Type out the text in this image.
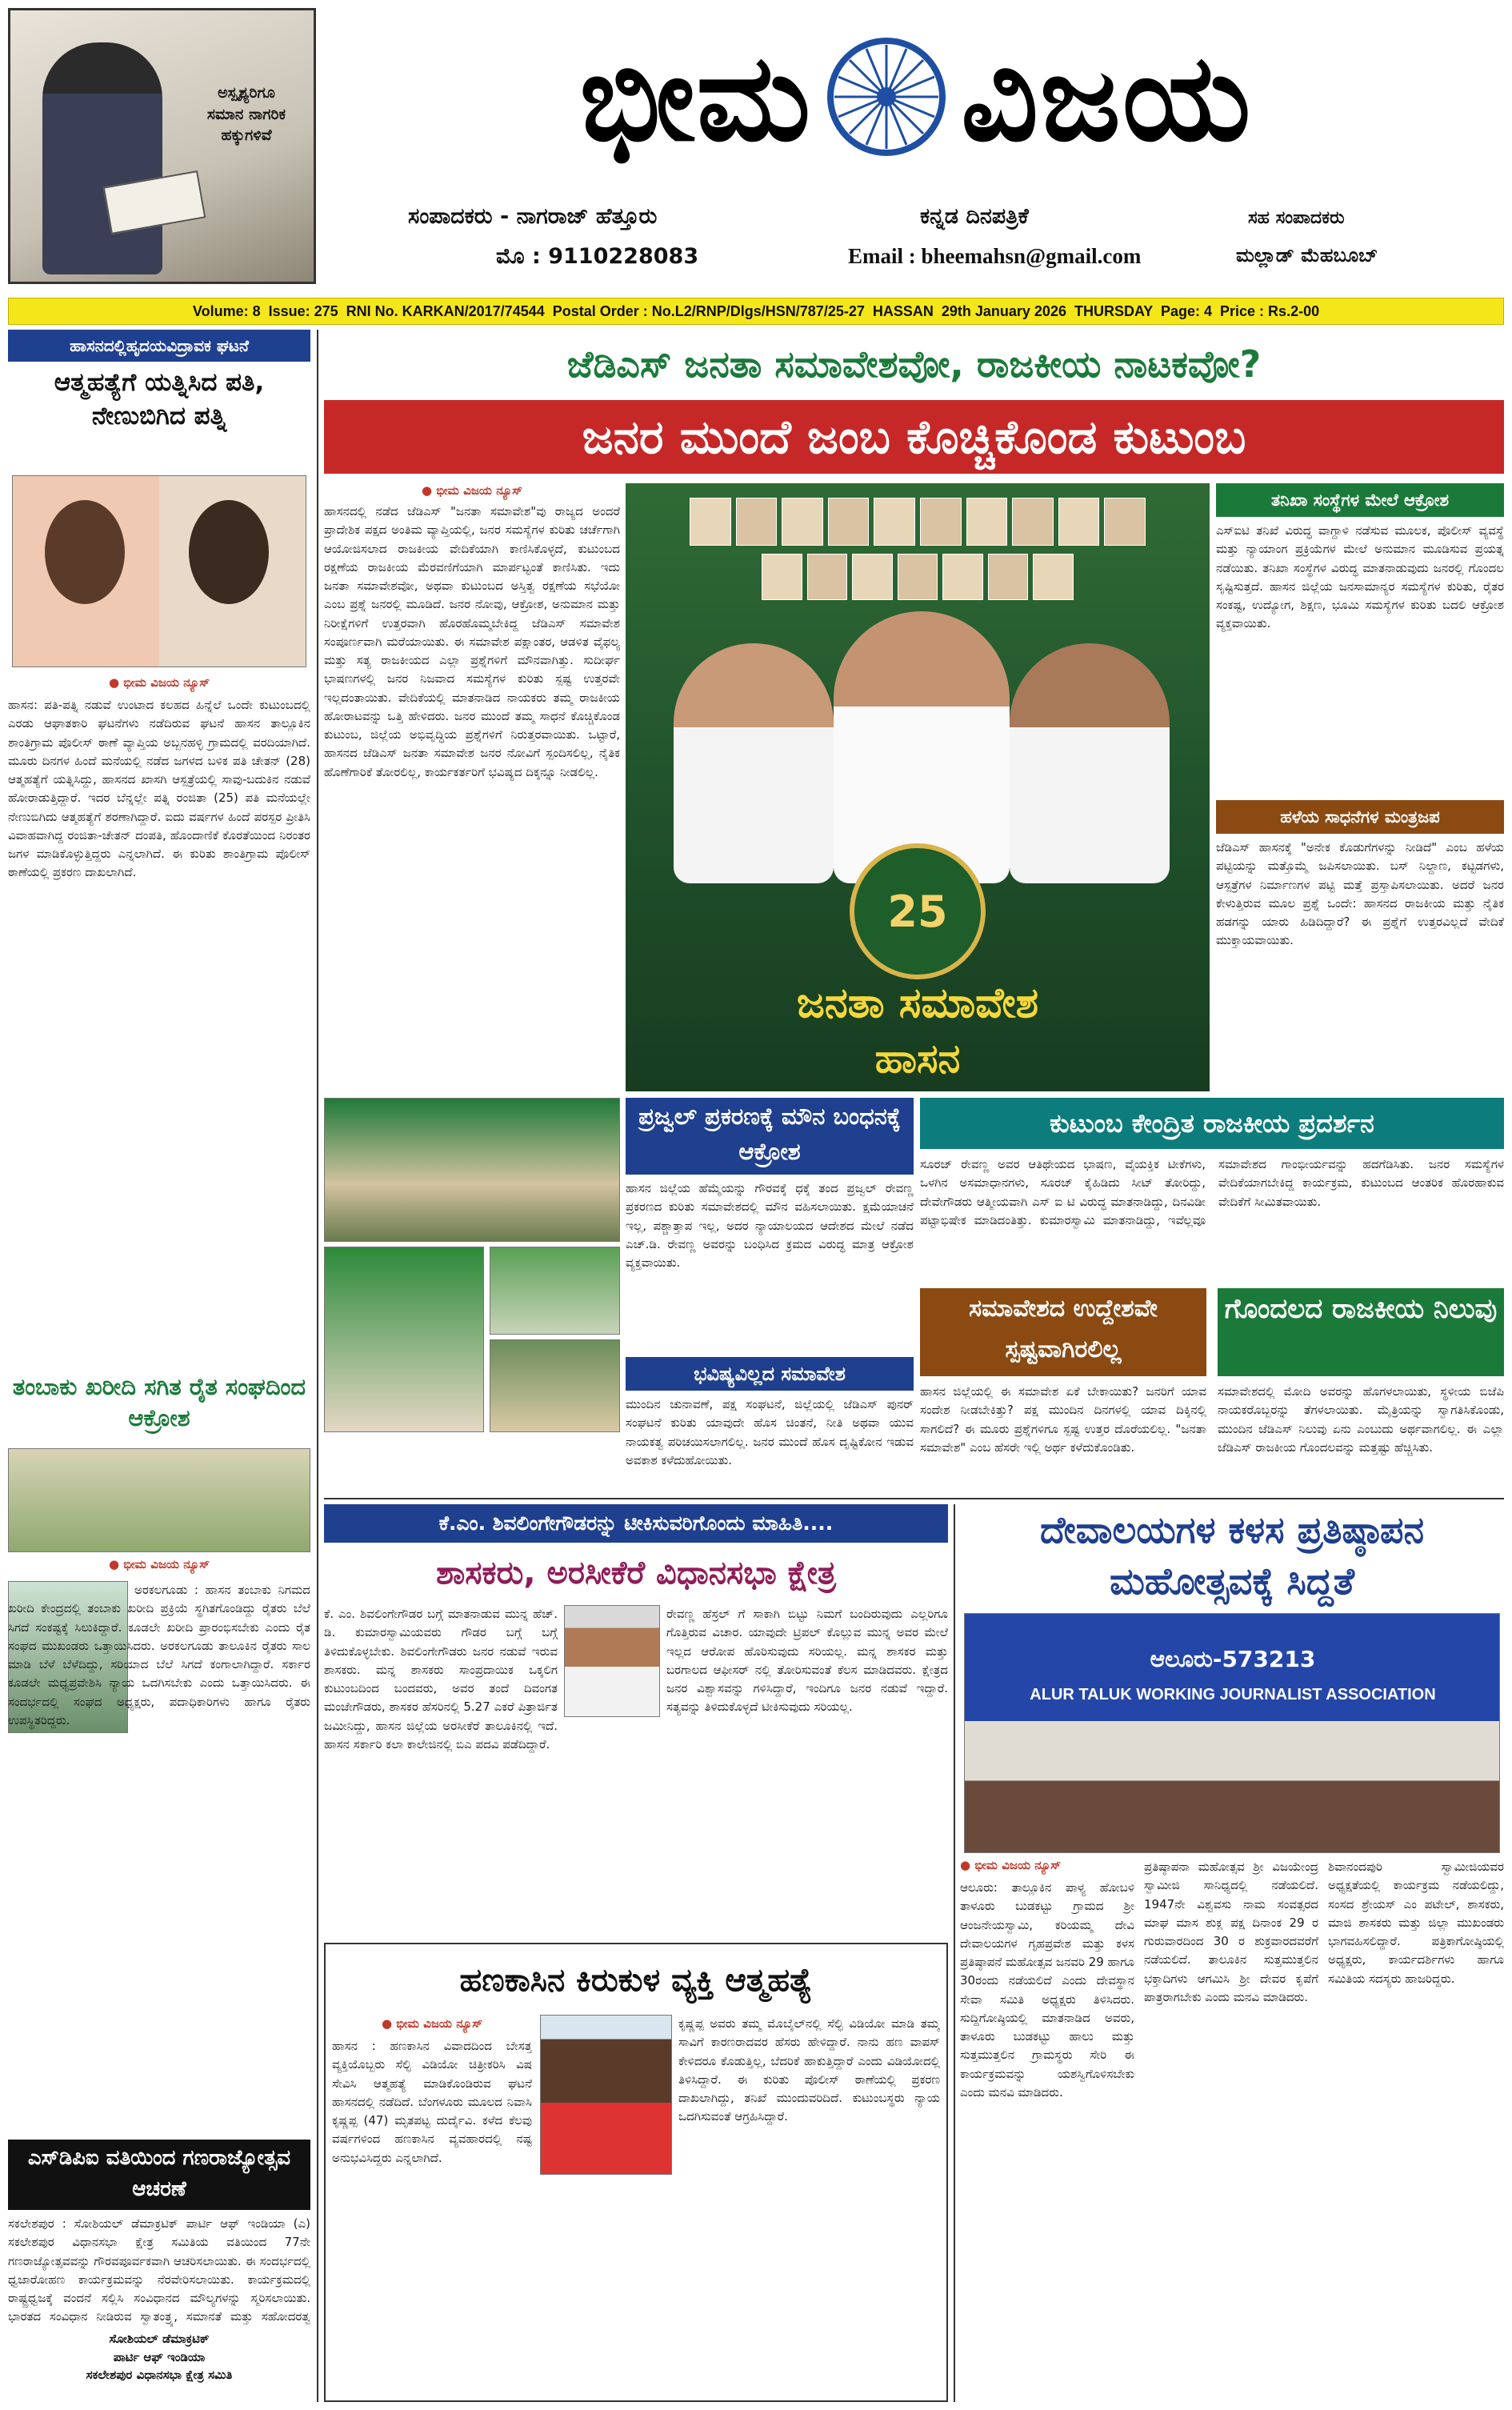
ಅಸ್ಪೃಶ್ಯರಿಗೂ
ಸಮಾನ ನಾಗರಿಕ
ಹಕ್ಕುಗಳಿವೆ	ಭೀಮ ವಿಜಯ
ಸಂಪಾದಕರು - ನಾಗರಾಜ್ ಹೆತ್ತೂರು
ಮೊ : 9110228083
ಕನ್ನಡ ದಿನಪತ್ರಿಕೆ
Email : bheemahsn@gmail.com
ಸಹ ಸಂಪಾದಕರು
ಮಲ್ಲಾಡ್ ಮೆಹಬೂಬ್
Volume: 8  Issue: 275  RNI No. KARKAN/2017/74544  Postal Order : No.L2/RNP/Dlgs/HSN/787/25-27  HASSAN  29th January 2026  THURSDAY  Page: 4  Price : Rs.2-00
ಹಾಸನದಲ್ಲಿಹೃದಯವಿದ್ರಾವಕ ಘಟನೆ
ಆತ್ಮಹತ್ಯೆಗೆ ಯತ್ನಿಸಿದ ಪತಿ, ನೇಣುಬಿಗಿದ ಪತ್ನಿ
● ಭೀಮ ವಿಜಯ ನ್ಯೂಸ್
ಹಾಸನ: ಪತಿ-ಪತ್ನಿ ನಡುವೆ ಉಂಟಾದ ಕಲಹದ ಹಿನ್ನೆಲೆ ಒಂದೇ ಕುಟುಂಬದಲ್ಲಿ ಎರಡು ಆಘಾತಕಾರಿ ಘಟನೆಗಳು ನಡೆದಿರುವ ಘಟನೆ ಹಾಸನ ತಾಲ್ಲೂಕಿನ ಶಾಂತಿಗ್ರಾಮ ಪೊಲೀಸ್ ಠಾಣೆ ವ್ಯಾಪ್ತಿಯ ಅಬ್ಬನಹಳ್ಳಿ ಗ್ರಾಮದಲ್ಲಿ ವರದಿಯಾಗಿದೆ. ಮೂರು ದಿನಗಳ ಹಿಂದೆ ಮನೆಯಲ್ಲಿ ನಡೆದ ಜಗಳದ ಬಳಿಕ ಪತಿ ಚೇತನ್ (28) ಆತ್ಮಹತ್ಯೆಗೆ ಯತ್ನಿಸಿದ್ದು, ಹಾಸನದ ಖಾಸಗಿ ಆಸ್ಪತ್ರೆಯಲ್ಲಿ ಸಾವು-ಬದುಕಿನ ನಡುವೆ ಹೋರಾಡುತ್ತಿದ್ದಾರೆ. ಇದರ ಬೆನ್ನಲ್ಲೇ ಪತ್ನಿ ರಂಜಿತಾ (25) ಪತಿ ಮನೆಯಲ್ಲೇ ನೇಣುಬಿಗಿದು ಆತ್ಮಹತ್ಯೆಗೆ ಶರಣಾಗಿದ್ದಾರೆ. ಐದು ವರ್ಷಗಳ ಹಿಂದೆ ಪರಸ್ಪರ ಪ್ರೀತಿಸಿ ವಿವಾಹವಾಗಿದ್ದ ರಂಜಿತಾ-ಚೇತನ್ ದಂಪತಿ, ಹೊಂದಾಣಿಕೆ ಕೊರತೆಯಿಂದ ನಿರಂತರ ಜಗಳ ಮಾಡಿಕೊಳ್ಳುತ್ತಿದ್ದರು ಎನ್ನಲಾಗಿದೆ. ಈ ಕುರಿತು ಶಾಂತಿಗ್ರಾಮ ಪೊಲೀಸ್ ಠಾಣೆಯಲ್ಲಿ ಪ್ರಕರಣ ದಾಖಲಾಗಿದೆ.
ತಂಬಾಕು ಖರೀದಿ ಸಗಿತ ರೈತ ಸಂಘದಿಂದ ಆಕ್ರೋಶ
● ಭೀಮ ವಿಜಯ ನ್ಯೂಸ್
ಅರಕಲಗೂಡು : ಹಾಸನ ತಂಬಾಕು ನಿಗಮದ ಖರೀದಿ ಕೇಂದ್ರದಲ್ಲಿ ತಂಬಾಕು ಖರೀದಿ ಪ್ರಕ್ರಿಯೆ ಸ್ಥಗಿತಗೊಂಡಿದ್ದು ರೈತರು ಬೆಲೆ ಸಿಗದೆ ಸಂಕಷ್ಟಕ್ಕೆ ಸಿಲುಕಿದ್ದಾರೆ. ಕೂಡಲೇ ಖರೀದಿ ಪ್ರಾರಂಭಿಸಬೇಕು ಎಂದು ರೈತ ಸಂಘದ ಮುಖಂಡರು ಒತ್ತಾಯಿಸಿದರು. ಅರಕಲಗೂಡು ತಾಲೂಕಿನ ರೈತರು ಸಾಲ ಮಾಡಿ ಬೆಳೆ ಬೆಳೆದಿದ್ದು, ಸರಿಯಾದ ಬೆಲೆ ಸಿಗದೆ ಕಂಗಾಲಾಗಿದ್ದಾರೆ. ಸರ್ಕಾರ ಕೂಡಲೇ ಮಧ್ಯಪ್ರವೇಶಿಸಿ ನ್ಯಾಯ ಒದಗಿಸಬೇಕು ಎಂದು ಒತ್ತಾಯಿಸಿದರು. ಈ ಸಂದರ್ಭದಲ್ಲಿ ಸಂಘದ ಅಧ್ಯಕ್ಷರು, ಪದಾಧಿಕಾರಿಗಳು ಹಾಗೂ ರೈತರು ಉಪಸ್ಥಿತರಿದ್ದರು.
ಎಸ್‌ಡಿಪಿಐ ವತಿಯಿಂದ ಗಣರಾಜ್ಯೋತ್ಸವ ಆಚರಣೆ
ಸಕಲೇಶಪುರ : ಸೋಶಿಯಲ್ ಡೆಮಾಕ್ರಟಿಕ್ ಪಾರ್ಟಿ ಆಫ್ ಇಂಡಿಯಾ (ಎ) ಸಕಲೇಶಪುರ ವಿಧಾನಸಭಾ ಕ್ಷೇತ್ರ ಸಮಿತಿಯ ವತಿಯಿಂದ 77ನೇ ಗಣರಾಜ್ಯೋತ್ಸವವನ್ನು ಗೌರವಪೂರ್ವಕವಾಗಿ ಆಚರಿಸಲಾಯಿತು. ಈ ಸಂದರ್ಭದಲ್ಲಿ ಧ್ವಜಾರೋಹಣ ಕಾರ್ಯಕ್ರಮವನ್ನು ನೆರವೇರಿಸಲಾಯಿತು. ಕಾರ್ಯಕ್ರಮದಲ್ಲಿ ರಾಷ್ಟ್ರಧ್ವಜಕ್ಕೆ ವಂದನೆ ಸಲ್ಲಿಸಿ ಸಂವಿಧಾನದ ಮೌಲ್ಯಗಳನ್ನು ಸ್ಮರಿಸಲಾಯಿತು. ಭಾರತದ ಸಂವಿಧಾನ ನೀಡಿರುವ ಸ್ವಾತಂತ್ರ್ಯ, ಸಮಾನತೆ ಮತ್ತು ಸಹೋದರತ್ವ
ಸೋಶಿಯಲ್ ಡೆಮಾಕ್ರಟಿಕ್
ಪಾರ್ಟಿ ಆಫ್ ಇಂಡಿಯಾ
ಸಕಲೇಶಪುರ ವಿಧಾನಸಭಾ ಕ್ಷೇತ್ರ ಸಮಿತಿ
ಜೆಡಿಎಸ್ ಜನತಾ ಸಮಾವೇಶವೋ, ರಾಜಕೀಯ ನಾಟಕವೋ?
ಜನರ ಮುಂದೆ ಜಂಬ ಕೊಚ್ಚಿಕೊಂಡ ಕುಟುಂಬ
● ಭೀಮ ವಿಜಯ ನ್ಯೂಸ್
ಹಾಸನದಲ್ಲಿ ನಡೆದ ಜೆಡಿಎಸ್ "ಜನತಾ ಸಮಾವೇಶ"ವು ರಾಜ್ಯದ ಅಂದರೆ ಪ್ರಾದೇಶಿಕ ಪಕ್ಷದ ಅಂತಿಮ ವ್ಯಾಪ್ತಿಯಲ್ಲಿ, ಜನರ ಸಮಸ್ಯೆಗಳ ಕುರಿತು ಚರ್ಚೆಗಾಗಿ ಆಯೋಜಿಸಲಾದ ರಾಜಕೀಯ ವೇದಿಕೆಯಾಗಿ ಕಾಣಿಸಿಕೊಳ್ಳದೆ, ಕುಟುಂಬದ ರಕ್ಷಣೆಯ ರಾಜಕೀಯ ಮೆರವಣಿಗೆಯಾಗಿ ಮಾರ್ಪಟ್ಟಂತೆ ಕಾಣಿಸಿತು. ಇದು ಜನತಾ ಸಮಾವೇಶವೋ, ಅಥವಾ ಕುಟುಂಬದ ಅಸ್ತಿತ್ವ ರಕ್ಷಣೆಯ ಸಭೆಯೋ ಎಂಬ ಪ್ರಶ್ನೆ ಜನರಲ್ಲಿ ಮೂಡಿದೆ. ಜನರ ನೋವು, ಆಕ್ರೋಶ, ಅನುಮಾನ ಮತ್ತು ನಿರೀಕ್ಷೆಗಳಿಗೆ ಉತ್ತರವಾಗಿ ಹೊರಹೊಮ್ಮಬೇಕಿದ್ದ ಜೆಡಿಎಸ್ ಸಮಾವೇಶ ಸಂಪೂರ್ಣವಾಗಿ ಮರೆಯಾಯಿತು. ಈ ಸಮಾವೇಶ ಪಕ್ಷಾಂತರ, ಆಡಳಿತ ವೈಫಲ್ಯ ಮತ್ತು ಸತ್ಯ ರಾಜಕೀಯದ ಎಲ್ಲಾ ಪ್ರಶ್ನೆಗಳಿಗೆ ಮೌನವಾಗಿತ್ತು. ಸುದೀರ್ಘ ಭಾಷಣಗಳಲ್ಲಿ ಜನರ ನಿಜವಾದ ಸಮಸ್ಯೆಗಳ ಕುರಿತು ಸ್ಪಷ್ಟ ಉತ್ತರವೇ ಇಲ್ಲದಂತಾಯಿತು. ವೇದಿಕೆಯಲ್ಲಿ ಮಾತನಾಡಿದ ನಾಯಕರು ತಮ್ಮ ರಾಜಕೀಯ ಹೋರಾಟವನ್ನು ಒತ್ತಿ ಹೇಳಿದರು. ಜನರ ಮುಂದೆ ತಮ್ಮ ಸಾಧನೆ ಕೊಚ್ಚಿಕೊಂಡ ಕುಟುಂಬ, ಜಿಲ್ಲೆಯ ಅಭಿವೃದ್ಧಿಯ ಪ್ರಶ್ನೆಗಳಿಗೆ ನಿರುತ್ತರವಾಯಿತು. ಒಟ್ಟಾರೆ, ಹಾಸನದ ಜೆಡಿಎಸ್ ಜನತಾ ಸಮಾವೇಶ ಜನರ ನೋವಿಗೆ ಸ್ಪಂದಿಸಲಿಲ್ಲ, ನೈತಿಕ ಹೊಣೆಗಾರಿಕೆ ತೋರಲಿಲ್ಲ, ಕಾರ್ಯಕರ್ತರಿಗೆ ಭವಿಷ್ಯದ ದಿಕ್ಕನ್ನೂ ನೀಡಲಿಲ್ಲ.
25
ಜನತಾ ಸಮಾವೇಶ
ಹಾಸನ
ತನಿಖಾ ಸಂಸ್ಥೆಗಳ ಮೇಲೆ ಆಕ್ರೋಶ
ಎಸ್‌ಐಟಿ ತನಿಖೆ ವಿರುದ್ಧ ವಾಗ್ದಾಳಿ ನಡೆಸುವ ಮೂಲಕ, ಪೊಲೀಸ್ ವ್ಯವಸ್ಥೆ ಮತ್ತು ನ್ಯಾಯಾಂಗ ಪ್ರಕ್ರಿಯೆಗಳ ಮೇಲೆ ಅನುಮಾನ ಮೂಡಿಸುವ ಪ್ರಯತ್ನ ನಡೆಯಿತು. ತನಿಖಾ ಸಂಸ್ಥೆಗಳ ವಿರುದ್ಧ ಮಾತನಾಡುವುದು ಜನರಲ್ಲಿ ಗೊಂದಲ ಸೃಷ್ಟಿಸುತ್ತದೆ. ಹಾಸನ ಜಿಲ್ಲೆಯ ಜನಸಾಮಾನ್ಯರ ಸಮಸ್ಯೆಗಳ ಕುರಿತು, ರೈತರ ಸಂಕಷ್ಟ, ಉದ್ಯೋಗ, ಶಿಕ್ಷಣ, ಭೂಮಿ ಸಮಸ್ಯೆಗಳ ಕುರಿತು ಬದಲಿ ಆಕ್ರೋಶ ವ್ಯಕ್ತವಾಯಿತು.
ಹಳೆಯ ಸಾಧನೆಗಳ ಮಂತ್ರಜಪ
ಜೆಡಿಎಸ್ ಹಾಸನಕ್ಕೆ "ಅನೇಕ ಕೊಡುಗೆಗಳನ್ನು ನೀಡಿದೆ" ಎಂಬ ಹಳೆಯ ಪಟ್ಟಿಯನ್ನು ಮತ್ತೊಮ್ಮೆ ಜಪಿಸಲಾಯಿತು. ಬಸ್ ನಿಲ್ದಾಣ, ಕಟ್ಟಡಗಳು, ಆಸ್ಪತ್ರೆಗಳ ನಿರ್ಮಾಣಗಳ ಪಟ್ಟಿ ಮತ್ತೆ ಪ್ರಸ್ತಾಪಿಸಲಾಯಿತು. ಅದರೆ ಜನರ ಕೇಳುತ್ತಿರುವ ಮೂಲ ಪ್ರಶ್ನೆ ಒಂದೇ: ಹಾಸನದ ರಾಜಕೀಯ ಮತ್ತು ನೈತಿಕ ಹಡಗನ್ನು ಯಾರು ಹಿಡಿದಿದ್ದಾರೆ? ಈ ಪ್ರಶ್ನೆಗೆ ಉತ್ತರವಿಲ್ಲದೆ ವೇದಿಕೆ ಮುಕ್ತಾಯವಾಯಿತು.
ಪ್ರಜ್ವಲ್ ಪ್ರಕರಣಕ್ಕೆ ಮೌನ ಬಂಧನಕ್ಕೆ ಆಕ್ರೋಶ
ಹಾಸನ ಜಿಲ್ಲೆಯ ಹೆಮ್ಮೆಯನ್ನು ಗೌರವಕ್ಕೆ ಧಕ್ಕೆ ತಂದ ಪ್ರಜ್ವಲ್ ರೇವಣ್ಣ ಪ್ರಕರಣದ ಕುರಿತು ಸಮಾವೇಶದಲ್ಲಿ ಮೌನ ವಹಿಸಲಾಯಿತು. ಕ್ಷಮೆಯಾಚನೆ ಇಲ್ಲ, ಪಶ್ಚಾತ್ತಾಪ ಇಲ್ಲ, ಅದರ ನ್ಯಾಯಾಲಯದ ಆದೇಶದ ಮೇಲೆ ನಡೆದ ಎಚ್.ಡಿ. ರೇವಣ್ಣ ಅವರನ್ನು ಬಂಧಿಸಿದ ಕ್ರಮದ ವಿರುದ್ಧ ಮಾತ್ರ ಆಕ್ರೋಶ ವ್ಯಕ್ತವಾಯಿತು.
ಭವಿಷ್ಯವಿಲ್ಲದ ಸಮಾವೇಶ
ಮುಂದಿನ ಚುನಾವಣೆ, ಪಕ್ಷ ಸಂಘಟನೆ, ಜಿಲ್ಲೆಯಲ್ಲಿ ಜೆಡಿಎಸ್ ಪುನರ್ ಸಂಘಟನೆ ಕುರಿತು ಯಾವುದೇ ಹೊಸ ಚಿಂತನೆ, ನೀತಿ ಅಥವಾ ಯುವ ನಾಯಕತ್ವ ಪರಿಚಯಿಸಲಾಗಲಿಲ್ಲ. ಜನರ ಮುಂದೆ ಹೊಸ ದೃಷ್ಟಿಕೋನ ಇಡುವ ಅವಕಾಶ ಕಳೆದುಹೋಯಿತು.
ಕುಟುಂಬ ಕೇಂದ್ರಿತ ರಾಜಕೀಯ ಪ್ರದರ್ಶನ
ಸೂರಜ್ ರೇವಣ್ಣ ಅವರ ಆತಿಥೇಯದ ಭಾಷಣ, ವೈಯಕ್ತಿಕ ಟೀಕೆಗಳು, ಒಳಗಿನ ಅಸಮಾಧಾನಗಳು, ಸೂರಜ್ ಕೈಹಿಡಿದು ಸೀಟ್ ತೋರಿದ್ದು, ದೇವೇಗೌಡರು ಆತ್ಮೀಯವಾಗಿ ಎಸ್ ಐ ಟಿ ವಿರುದ್ಧ ಮಾತನಾಡಿದ್ದು, ದಿನವಿಡೀ ಪಟ್ಟಾಭಿಷೇಕ ಮಾಡಿದಂತಿತ್ತು. ಕುಮಾರಸ್ವಾಮಿ ಮಾತನಾಡಿದ್ದು, ಇವೆಲ್ಲವೂ ಸಮಾವೇಶದ ಗಾಂಭೀರ್ಯವನ್ನು ಹದಗೆಡಿಸಿತು. ಜನರ ಸಮಸ್ಯೆಗಳ ವೇದಿಕೆಯಾಗಬೇಕಿದ್ದ ಕಾರ್ಯಕ್ರಮ, ಕುಟುಂಬದ ಆಂತರಿಕ ಹೊರಹಾಕುವ ವೇದಿಕೆಗೆ ಸೀಮಿತವಾಯಿತು.
ಸಮಾವೇಶದ ಉದ್ದೇಶವೇ ಸ್ಪಷ್ಟವಾಗಿರಲಿಲ್ಲ
ಗೊಂದಲದ ರಾಜಕೀಯ ನಿಲುವು
ಹಾಸನ ಜಿಲ್ಲೆಯಲ್ಲಿ ಈ ಸಮಾವೇಶ ಏಕೆ ಬೇಕಾಯಿತು? ಜನರಿಗೆ ಯಾವ ಸಂದೇಶ ನೀಡಬೇಕಿತ್ತು? ಪಕ್ಷ ಮುಂದಿನ ದಿನಗಳಲ್ಲಿ ಯಾವ ದಿಕ್ಕಿನಲ್ಲಿ ಸಾಗಲಿದೆ? ಈ ಮೂರು ಪ್ರಶ್ನೆಗಳಿಗೂ ಸ್ಪಷ್ಟ ಉತ್ತರ ದೊರೆಯಲಿಲ್ಲ. "ಜನತಾ ಸಮಾವೇಶ" ಎಂಬ ಹೆಸರೇ ಇಲ್ಲಿ ಅರ್ಥ ಕಳೆದುಕೊಂಡಿತು.
ಸಮಾವೇಶದಲ್ಲಿ ಮೋದಿ ಅವರನ್ನು ಹೊಗಳಲಾಯಿತು, ಸ್ಥಳೀಯ ಬಿಜೆಪಿ ನಾಯಕರೊಬ್ಬರನ್ನು ತೆಗಳಲಾಯಿತು. ಮೈತ್ರಿಯನ್ನು ಸ್ವಾಗತಿಸಿಕೊಂಡು, ಮುಂದಿನ ಜೆಡಿಎಸ್ ನಿಲುವು ಏನು ಎಂಬುದು ಅರ್ಥವಾಗಲಿಲ್ಲ. ಈ ಎಲ್ಲಾ ಜೆಡಿಎಸ್ ರಾಜಕೀಯ ಗೊಂದಲವನ್ನು ಮತ್ತಷ್ಟು ಹೆಚ್ಚಿಸಿತು.
ಕೆ.ಎಂ. ಶಿವಲಿಂಗೇಗೌಡರನ್ನು ಟೀಕಿಸುವರಿಗೊಂದು ಮಾಹಿತಿ....
ಶಾಸಕರು, ಅರಸೀಕೆರೆ ವಿಧಾನಸಭಾ ಕ್ಷೇತ್ರ
ಕೆ. ಎಂ. ಶಿವಲಿಂಗೇಗೌಡರ ಬಗ್ಗೆ ಮಾತನಾಡುವ ಮುನ್ನ ಹೆಚ್. ಡಿ. ಕುಮಾರಸ್ವಾಮಿಯವರು ಗೌಡರ ಬಗ್ಗೆ ಬಗ್ಗೆ ತಿಳಿದುಕೊಳ್ಳಬೇಕು. ಶಿವಲಿಂಗೇಗೌಡರು ಜನರ ನಡುವೆ ಇರುವ ಶಾಸಕರು. ಮನ್ನ ಶಾಸಕರು ಸಾಂಪ್ರದಾಯಿಕ ಒಕ್ಕಲಿಗ ಕುಟುಂಬದಿಂದ ಬಂದವರು, ಅವರ ತಂದೆ ದಿವಂಗತ ಮಂಜೇಗೌಡರು, ಶಾಸಕರ ಹೆಸರಿನಲ್ಲಿ 5.27 ಎಕರೆ ಪಿತ್ರಾರ್ಜಿತ ಜಮೀನಿದ್ದು, ಹಾಸನ ಜಿಲ್ಲೆಯ ಅರಸೀಕೆರೆ ತಾಲೂಕಿನಲ್ಲಿ ಇದೆ. ಹಾಸನ ಸರ್ಕಾರಿ ಕಲಾ ಕಾಲೇಜಿನಲ್ಲಿ ಬಿಎ ಪದವಿ ಪಡೆದಿದ್ದಾರೆ.
ರೇವಣ್ಣ ಹೆಸ್ರಲ್ ಗೆ ಸಾಕಾಗಿ ಬಿಟ್ಟು ನಿಮಗೆ ಬಂದಿರುವುದು ಎಲ್ಲರಿಗೂ ಗೊತ್ತಿರುವ ವಿಚಾರ. ಯಾವುದೇ ಟ್ರಿಪಲ್ ಕೊಲ್ಲುವ ಮುನ್ನ ಅವರ ಮೇಲೆ ಇಲ್ಲದ ಆರೋಪ ಹೊರಿಸುವುದು ಸರಿಯಲ್ಲ. ಮನ್ನ ಶಾಸಕರ ಮತ್ತು ಬರಗಾಲದ ಆಫೀಸರ್ ನಲ್ಲಿ ತೋರಿಸುವಂತೆ ಕೆಲಸ ಮಾಡಿದವರು. ಕ್ಷೇತ್ರದ ಜನರ ವಿಶ್ವಾಸವನ್ನು ಗಳಿಸಿದ್ದಾರೆ, ಇಂದಿಗೂ ಜನರ ನಡುವೆ ಇದ್ದಾರೆ. ಸತ್ಯವನ್ನು ತಿಳಿದುಕೊಳ್ಳದೆ ಟೀಕಿಸುವುದು ಸರಿಯಲ್ಲ.
ದೇವಾಲಯಗಳ ಕಳಸ ಪ್ರತಿಷ್ಠಾಪನ ಮಹೋತ್ಸವಕ್ಕೆ ಸಿದ್ದತೆ
ಆಲೂರು-573213
ALUR TALUK WORKING JOURNALIST ASSOCIATION
● ಭೀಮ ವಿಜಯ ನ್ಯೂಸ್
ಆಲೂರು: ತಾಲ್ಲೂಕಿನ ಪಾಳ್ಯ ಹೋಬಳಿ ತಾಳೂರು ಬುಡಕಟ್ಟು ಗ್ರಾಮದ ಶ್ರೀ ಆಂಜನೇಯಸ್ವಾಮಿ, ಕರಿಯಮ್ಮ ದೇವಿ ದೇವಾಲಯಗಳ ಗೃಹಪ್ರವೇಶ ಮತ್ತು ಕಳಸ ಪ್ರತಿಷ್ಠಾಪನೆ ಮಹೋತ್ಸವ ಜನವರಿ 29 ಹಾಗೂ 30ರಂದು ನಡೆಯಲಿದೆ ಎಂದು ದೇವಸ್ಥಾನ ಸೇವಾ ಸಮಿತಿ ಅಧ್ಯಕ್ಷರು ತಿಳಿಸಿದರು. ಸುದ್ದಿಗೋಷ್ಠಿಯಲ್ಲಿ ಮಾತನಾಡಿದ ಅವರು, ತಾಳೂರು ಬುಡಕಟ್ಟು ಹಾಲು ಮತ್ತು ಸುತ್ತಮುತ್ತಲಿನ ಗ್ರಾಮಸ್ಥರು ಸೇರಿ ಈ ಕಾರ್ಯಕ್ರಮವನ್ನು ಯಶಸ್ವಿಗೊಳಿಸಬೇಕು ಎಂದು ಮನವಿ ಮಾಡಿದರು.
ಪ್ರತಿಷ್ಠಾಪನಾ ಮಹೋತ್ಸವ ಶ್ರೀ ವಿಜಯೇಂದ್ರ ಸ್ವಾಮೀಜಿ ಸಾನಿಧ್ಯದಲ್ಲಿ ನಡೆಯಲಿದೆ. 1947ನೇ ವಿಶ್ವವಸು ನಾಮ ಸಂವತ್ಸರದ ಮಾಘ ಮಾಸ ಶುಕ್ಲ ಪಕ್ಷ ದಿನಾಂಕ 29 ರ ಗುರುವಾರದಿಂದ 30 ರ ಶುಕ್ರವಾರದವರೆಗೆ ನಡೆಯಲಿದೆ. ತಾಲೂಕಿನ ಸುತ್ತಮುತ್ತಲಿನ ಭಕ್ತಾದಿಗಳು ಆಗಮಿಸಿ ಶ್ರೀ ದೇವರ ಕೃಪೆಗೆ ಪಾತ್ರರಾಗಬೇಕು ಎಂದು ಮನವಿ ಮಾಡಿದರು.
ಶಿವಾನಂದಪುರಿ ಸ್ವಾಮೀಜಿಯವರ ಅಧ್ಯಕ್ಷತೆಯಲ್ಲಿ ಕಾರ್ಯಕ್ರಮ ನಡೆಯಲಿದ್ದು, ಸಂಸದ ಶ್ರೇಯಸ್ ಎಂ ಪಟೇಲ್, ಶಾಸಕರು, ಮಾಜಿ ಶಾಸಕರು ಮತ್ತು ಜಿಲ್ಲಾ ಮುಖಂಡರು ಭಾಗವಹಿಸಲಿದ್ದಾರೆ. ಪತ್ರಿಕಾಗೋಷ್ಠಿಯಲ್ಲಿ ಅಧ್ಯಕ್ಷರು, ಕಾರ್ಯದರ್ಶಿಗಳು ಹಾಗೂ ಸಮಿತಿಯ ಸದಸ್ಯರು ಹಾಜರಿದ್ದರು.
ಹಣಕಾಸಿನ ಕಿರುಕುಳ ವ್ಯಕ್ತಿ ಆತ್ಮಹತ್ಯೆ
● ಭೀಮ ವಿಜಯ ನ್ಯೂಸ್
ಹಾಸನ : ಹಣಕಾಸಿನ ವಿವಾದದಿಂದ ಬೇಸತ್ತ ವ್ಯಕ್ತಿಯೊಬ್ಬರು ಸೆಲ್ಫಿ ವಿಡಿಯೋ ಚಿತ್ರೀಕರಿಸಿ ವಿಷ ಸೇವಿಸಿ ಆತ್ಮಹತ್ಯೆ ಮಾಡಿಕೊಂಡಿರುವ ಘಟನೆ ಹಾಸನದಲ್ಲಿ ನಡೆದಿದೆ. ಬೆಂಗಳೂರು ಮೂಲದ ನಿವಾಸಿ ಕೃಷ್ಣಪ್ಪ (47) ಮೃತಪಟ್ಟ ದುರ್ದೈವಿ. ಕಳೆದ ಕೆಲವು ವರ್ಷಗಳಿಂದ ಹಣಕಾಸಿನ ವ್ಯವಹಾರದಲ್ಲಿ ನಷ್ಟ ಅನುಭವಿಸಿದ್ದರು ಎನ್ನಲಾಗಿದೆ.
ಕೃಷ್ಣಪ್ಪ ಅವರು ತಮ್ಮ ಮೊಬೈಲ್‌ನಲ್ಲಿ ಸೆಲ್ಫಿ ವಿಡಿಯೋ ಮಾಡಿ ತಮ್ಮ ಸಾವಿಗೆ ಕಾರಣರಾದವರ ಹೆಸರು ಹೇಳಿದ್ದಾರೆ. ನಾನು ಹಣ ವಾಪಸ್ ಕೇಳಿದರೂ ಕೊಡುತ್ತಿಲ್ಲ, ಬೆದರಿಕೆ ಹಾಕುತ್ತಿದ್ದಾರೆ ಎಂದು ವಿಡಿಯೋದಲ್ಲಿ ತಿಳಿಸಿದ್ದಾರೆ. ಈ ಕುರಿತು ಪೊಲೀಸ್ ಠಾಣೆಯಲ್ಲಿ ಪ್ರಕರಣ ದಾಖಲಾಗಿದ್ದು, ತನಿಖೆ ಮುಂದುವರಿದಿದೆ. ಕುಟುಂಬಸ್ಥರು ನ್ಯಾಯ ಒದಗಿಸುವಂತೆ ಆಗ್ರಹಿಸಿದ್ದಾರೆ.
